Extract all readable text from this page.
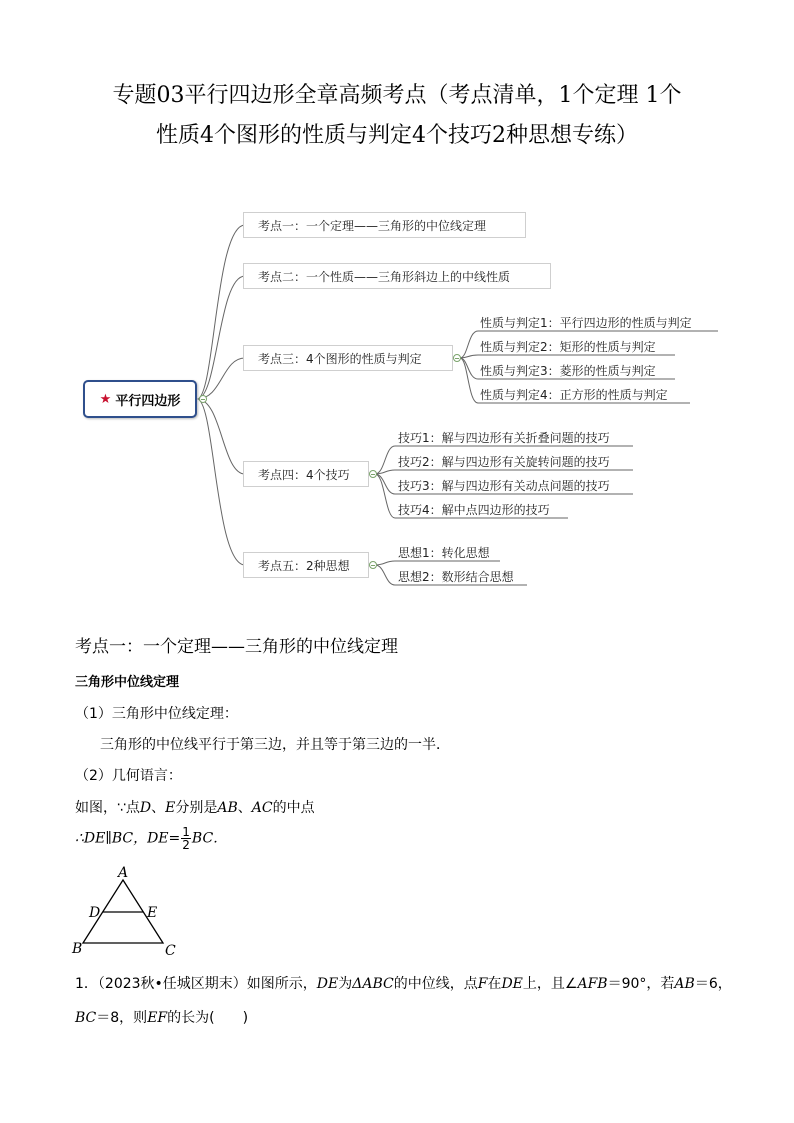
专题03平行四边形全章高频考点（考点清单，1个定理 1个
性质4个图形的性质与判定4个技巧2种思想专练）
★ 平行四边形
考点一：一个定理——三角形的中位线定理
考点二：一个性质——三角形斜边上的中线性质
考点三：4个图形的性质与判定
考点四：4个技巧
考点五：2种思想
性质与判定1：平行四边形的性质与判定
性质与判定2：矩形的性质与判定
性质与判定3：菱形的性质与判定
性质与判定4：正方形的性质与判定
技巧1：解与四边形有关折叠问题的技巧
技巧2：解与四边形有关旋转问题的技巧
技巧3：解与四边形有关动点问题的技巧
技巧4：解中点四边形的技巧
思想1：转化思想
思想2：数形结合思想
考点一：一个定理——三角形的中位线定理
三角形中位线定理
（1）三角形中位线定理：
三角形的中位线平行于第三边，并且等于第三边的一半．
（2）几何语言：
如图，∵点D、E分别是AB、AC的中点
∴DE∥BC，$DE= \frac{1}{2}$ BC．
A
D	E
B	C
1．（2023秋•任城区期末）如图所示，DE为ΔABC的中位线，点F在DE上，且∠AFB＝90°，若AB＝6，
BC＝8，则EF的长为(　　)
